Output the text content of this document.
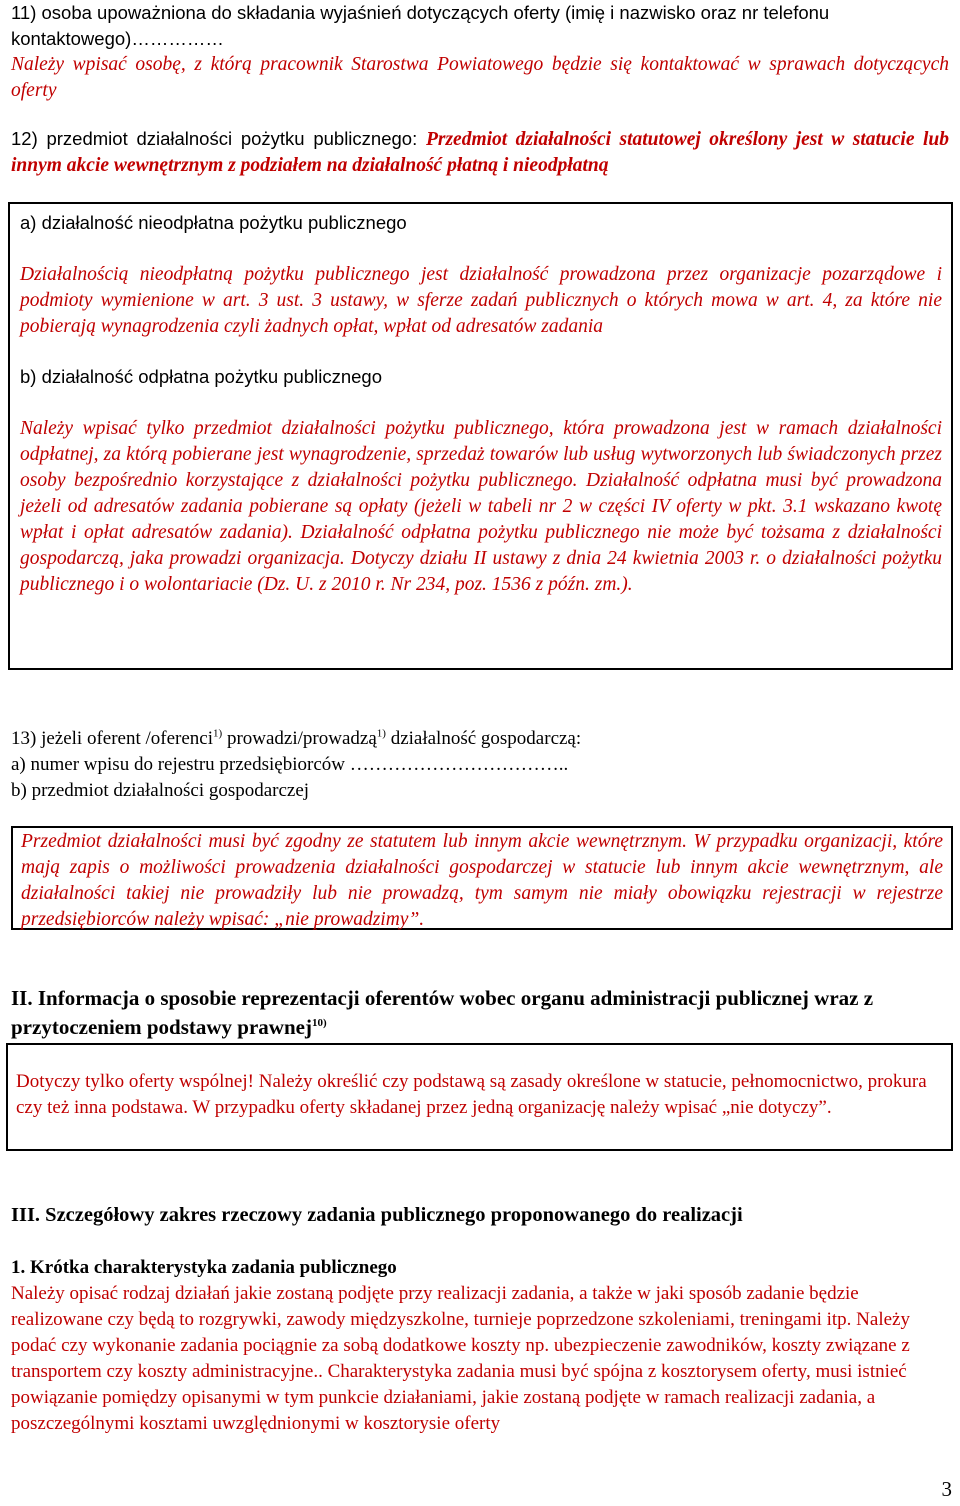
11) osoba upoważniona do składania wyjaśnień dotyczących oferty (imię i nazwisko oraz nr telefonu kontaktowego)……………

Należy wpisać osobę, z którą pracownik Starostwa Powiatowego będzie się kontaktować w sprawach dotyczących oferty

12) przedmiot działalności pożytku publicznego: Przedmiot działalności statutowej określony jest w statucie lub innym akcie wewnętrznym z podziałem na działalność płatną i nieodpłatną

a) działalność nieodpłatna pożytku publicznego

Działalnością nieodpłatną pożytku publicznego jest działalność prowadzona przez organizacje pozarządowe i podmioty wymienione w art. 3 ust. 3 ustawy, w sferze zadań publicznych o których mowa w art. 4, za które nie pobierają wynagrodzenia czyli żadnych opłat, wpłat od adresatów zadania

b) działalność odpłatna pożytku publicznego

Należy wpisać tylko przedmiot działalności pożytku publicznego, która prowadzona jest w ramach działalności odpłatnej, za którą pobierane jest wynagrodzenie, sprzedaż towarów lub usług wytworzonych lub świadczonych przez osoby bezpośrednio korzystające z działalności pożytku publicznego. Działalność odpłatna musi być prowadzona jeżeli od adresatów zadania pobierane są opłaty (jeżeli w tabeli nr 2 w części IV oferty w pkt. 3.1 wskazano kwotę wpłat i opłat adresatów zadania). Działalność odpłatna pożytku publicznego nie może być tożsama z działalności gospodarczą, jaka prowadzi organizacja. Dotyczy działu II ustawy z dnia 24 kwietnia 2003 r. o działalności pożytku publicznego i o wolontariacie (Dz. U. z 2010 r. Nr 234, poz. 1536 z późn. zm.).

13) jeżeli oferent /oferenci$^{1)}$ prowadzi/prowadzą$^{1)}$ działalność gospodarczą:

a) numer wpisu do rejestru przedsiębiorców ……………………………..

b) przedmiot działalności gospodarczej

Przedmiot działalności musi być zgodny ze statutem lub innym akcie wewnętrznym. W przypadku organizacji, które mają zapis o możliwości prowadzenia działalności gospodarczej w statucie lub innym akcie wewnętrznym, ale działalności takiej nie prowadziły lub nie prowadzą, tym samym nie miały obowiązku rejestracji w rejestrze przedsiębiorców należy wpisać: „nie prowadzimy”.

II. Informacja o sposobie reprezentacji oferentów wobec organu administracji publicznej wraz z przytoczeniem podstawy prawnej$^{10)}$

Dotyczy tylko oferty wspólnej! Należy określić czy podstawą są zasady określone w statucie, pełnomocnictwo, prokura czy też inna podstawa. W przypadku oferty składanej przez jedną organizację należy wpisać „nie dotyczy”.

III. Szczegółowy zakres rzeczowy zadania publicznego proponowanego do realizacji

1. Krótka charakterystyka zadania publicznego

Należy opisać rodzaj działań jakie zostaną podjęte przy realizacji zadania, a także w jaki sposób zadanie będzie realizowane czy będą to rozgrywki, zawody międzyszkolne, turnieje poprzedzone szkoleniami, treningami itp. Należy podać czy wykonanie zadania pociągnie za sobą dodatkowe koszty np. ubezpieczenie zawodników, koszty związane z transportem czy koszty administracyjne.. Charakterystyka zadania musi być spójna z kosztorysem oferty, musi istnieć powiązanie pomiędzy opisanymi w tym punkcie działaniami, jakie zostaną podjęte w ramach realizacji zadania, a poszczególnymi kosztami uwzględnionymi w kosztorysie oferty

3
